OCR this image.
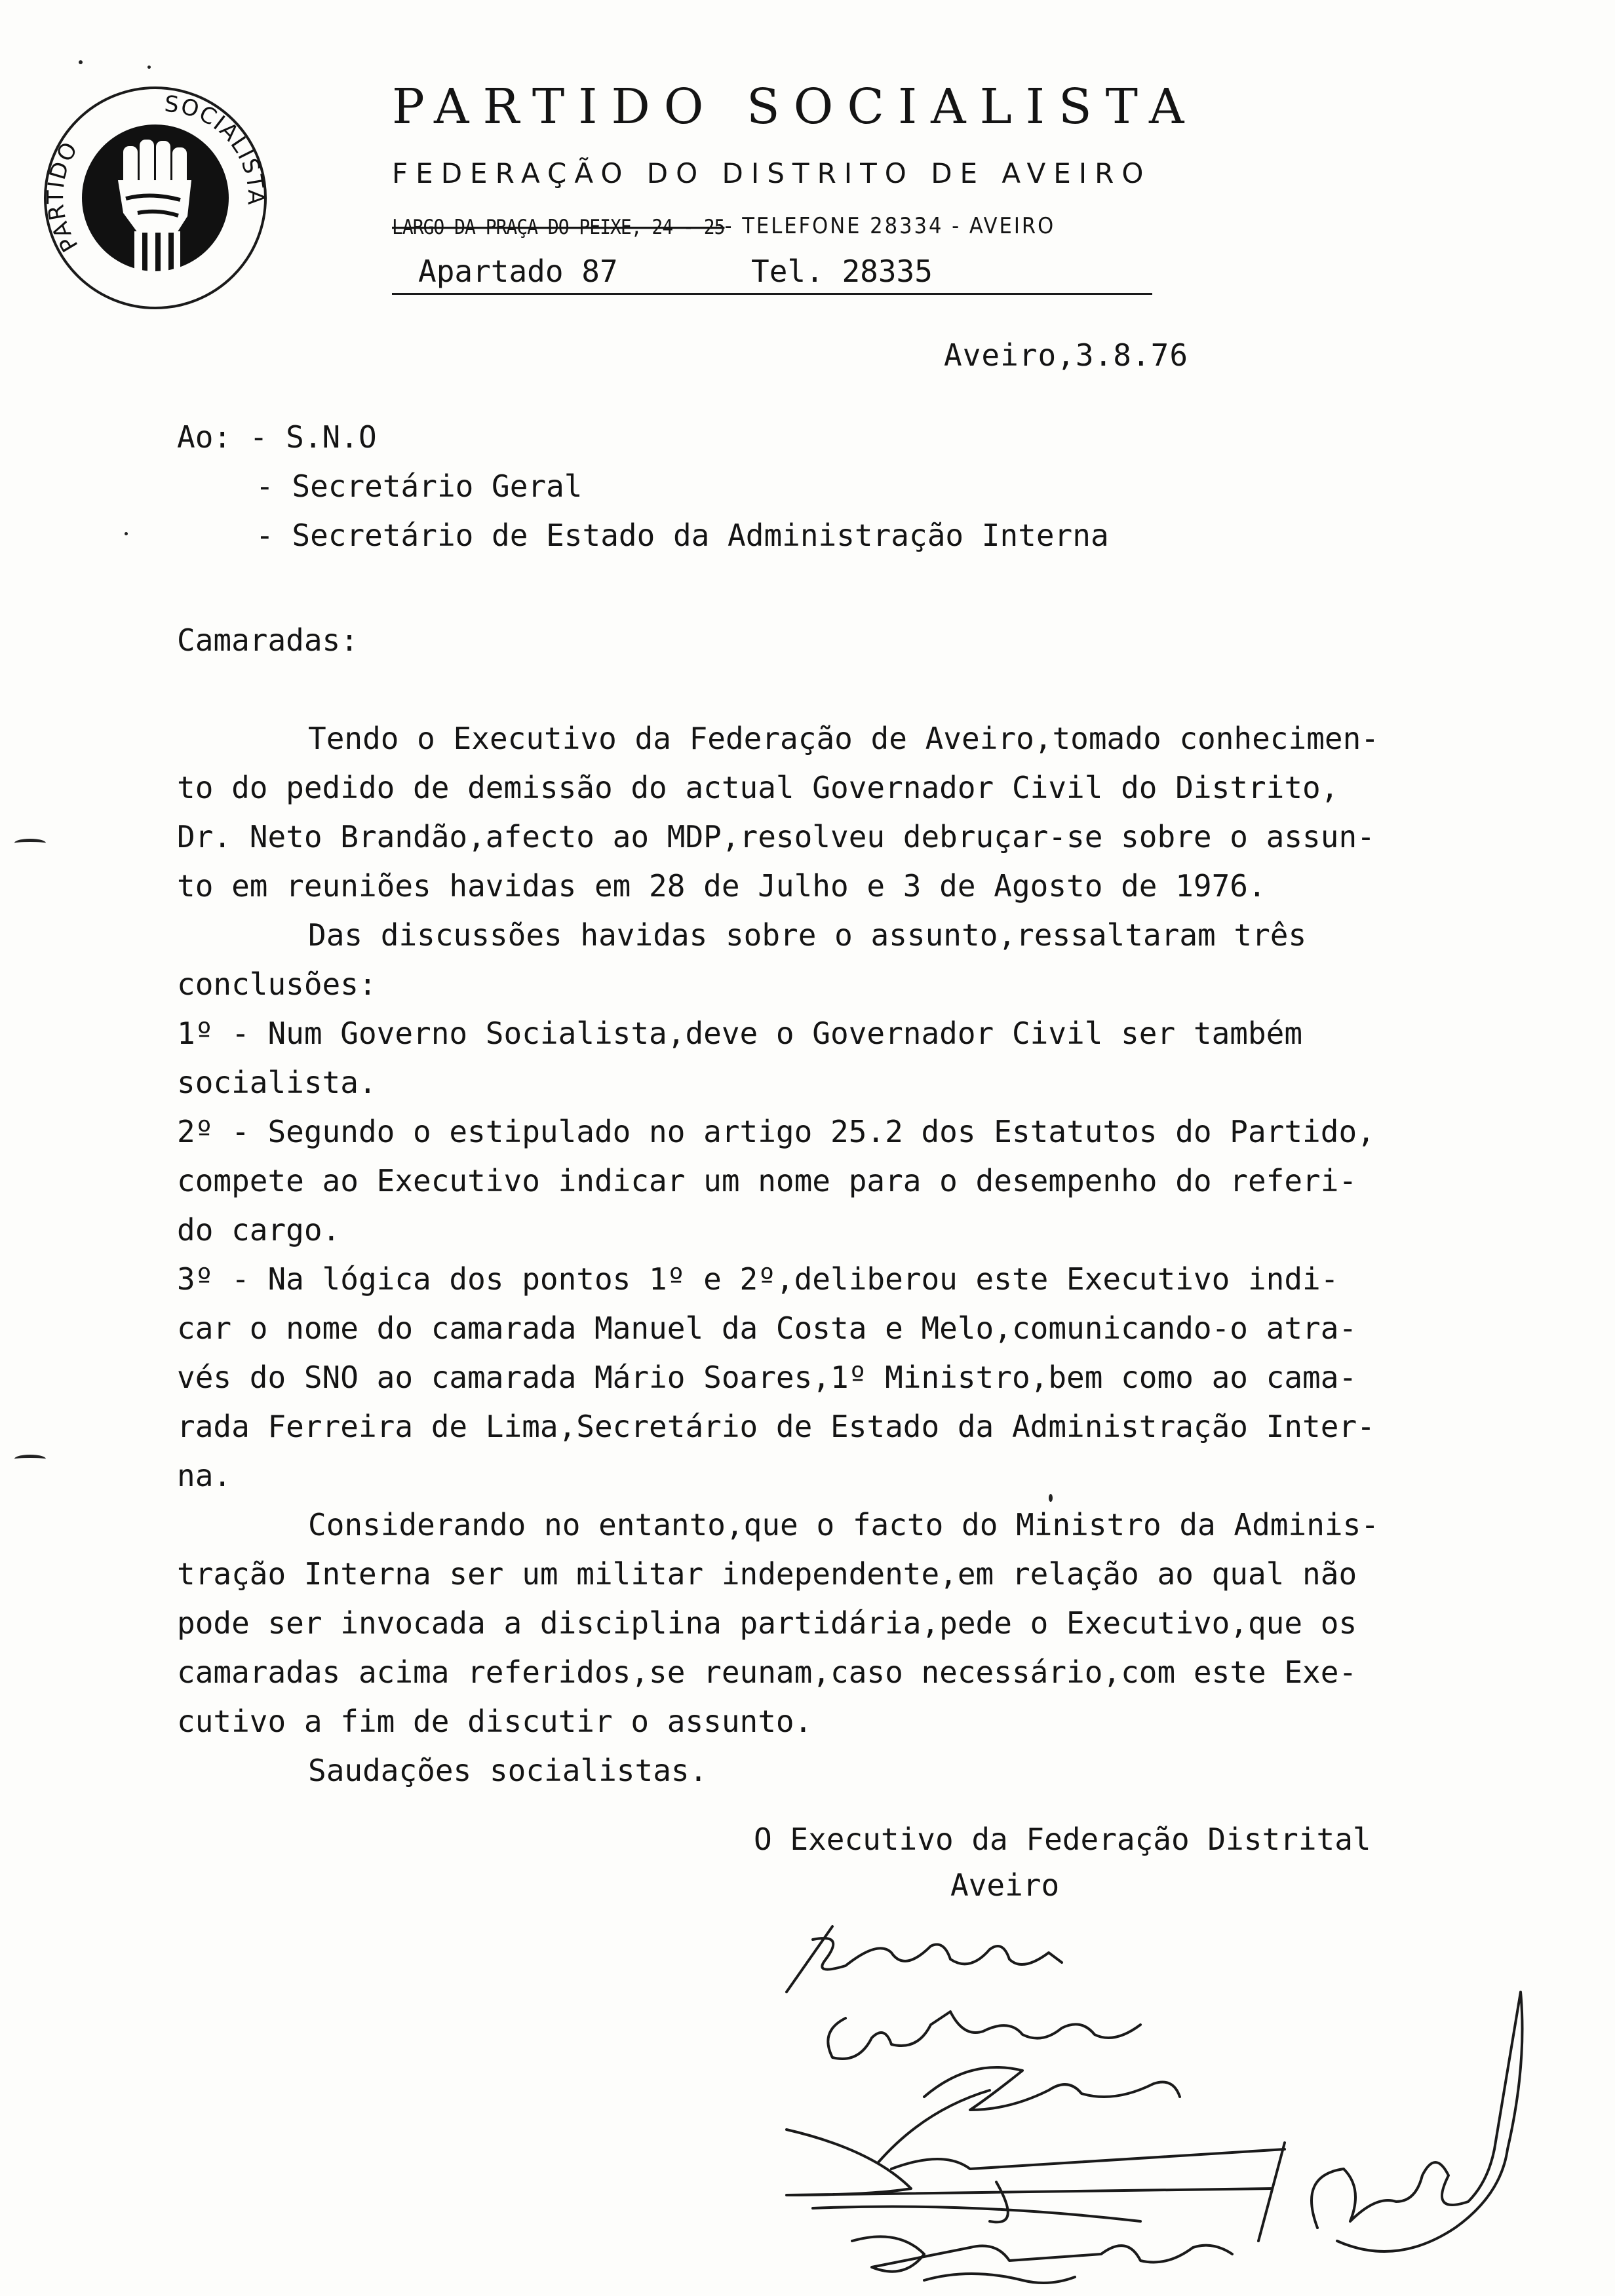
PARTIDO
SOCIALISTA
PARTIDO SOCIALISTA
FEDERAÇÃO DO DISTRITO DE AVEIRO
LARGO DA PRAÇA DO PEIXE, 24 - 25- TELEFONE 28334 - AVEIRO
Apartado 87	Tel. 28335
Aveiro,3.8.76
Ao: - S.N.O
- Secretário Geral
- Secretário de Estado da Administração Interna
Camaradas:
Tendo o Executivo da Federação de Aveiro,tomado conhecimen-
to do pedido de demissão do actual Governador Civil do Distrito,
Dr. Neto Brandão,afecto ao MDP,resolveu debruçar-se sobre o assun-
to em reuniões havidas em 28 de Julho e 3 de Agosto de 1976.
Das discussões havidas sobre o assunto,ressaltaram três
conclusões:
1º - Num Governo Socialista,deve o Governador Civil ser também
socialista.
2º - Segundo o estipulado no artigo 25.2 dos Estatutos do Partido,
compete ao Executivo indicar um nome para o desempenho do referi-
do cargo.
3º - Na lógica dos pontos 1º e 2º,deliberou este Executivo indi-
car o nome do camarada Manuel da Costa e Melo,comunicando-o atra-
vés do SNO ao camarada Mário Soares,1º Ministro,bem como ao cama-
rada Ferreira de Lima,Secretário de Estado da Administração Inter-
na.
Considerando no entanto,que o facto do Ministro da Adminis-
tração Interna ser um militar independente,em relação ao qual não
pode ser invocada a disciplina partidária,pede o Executivo,que os
camaradas acima referidos,se reunam,caso necessário,com este Exe-
cutivo a fim de discutir o assunto.
Saudações socialistas.
O Executivo da Federação Distrital
Aveiro
